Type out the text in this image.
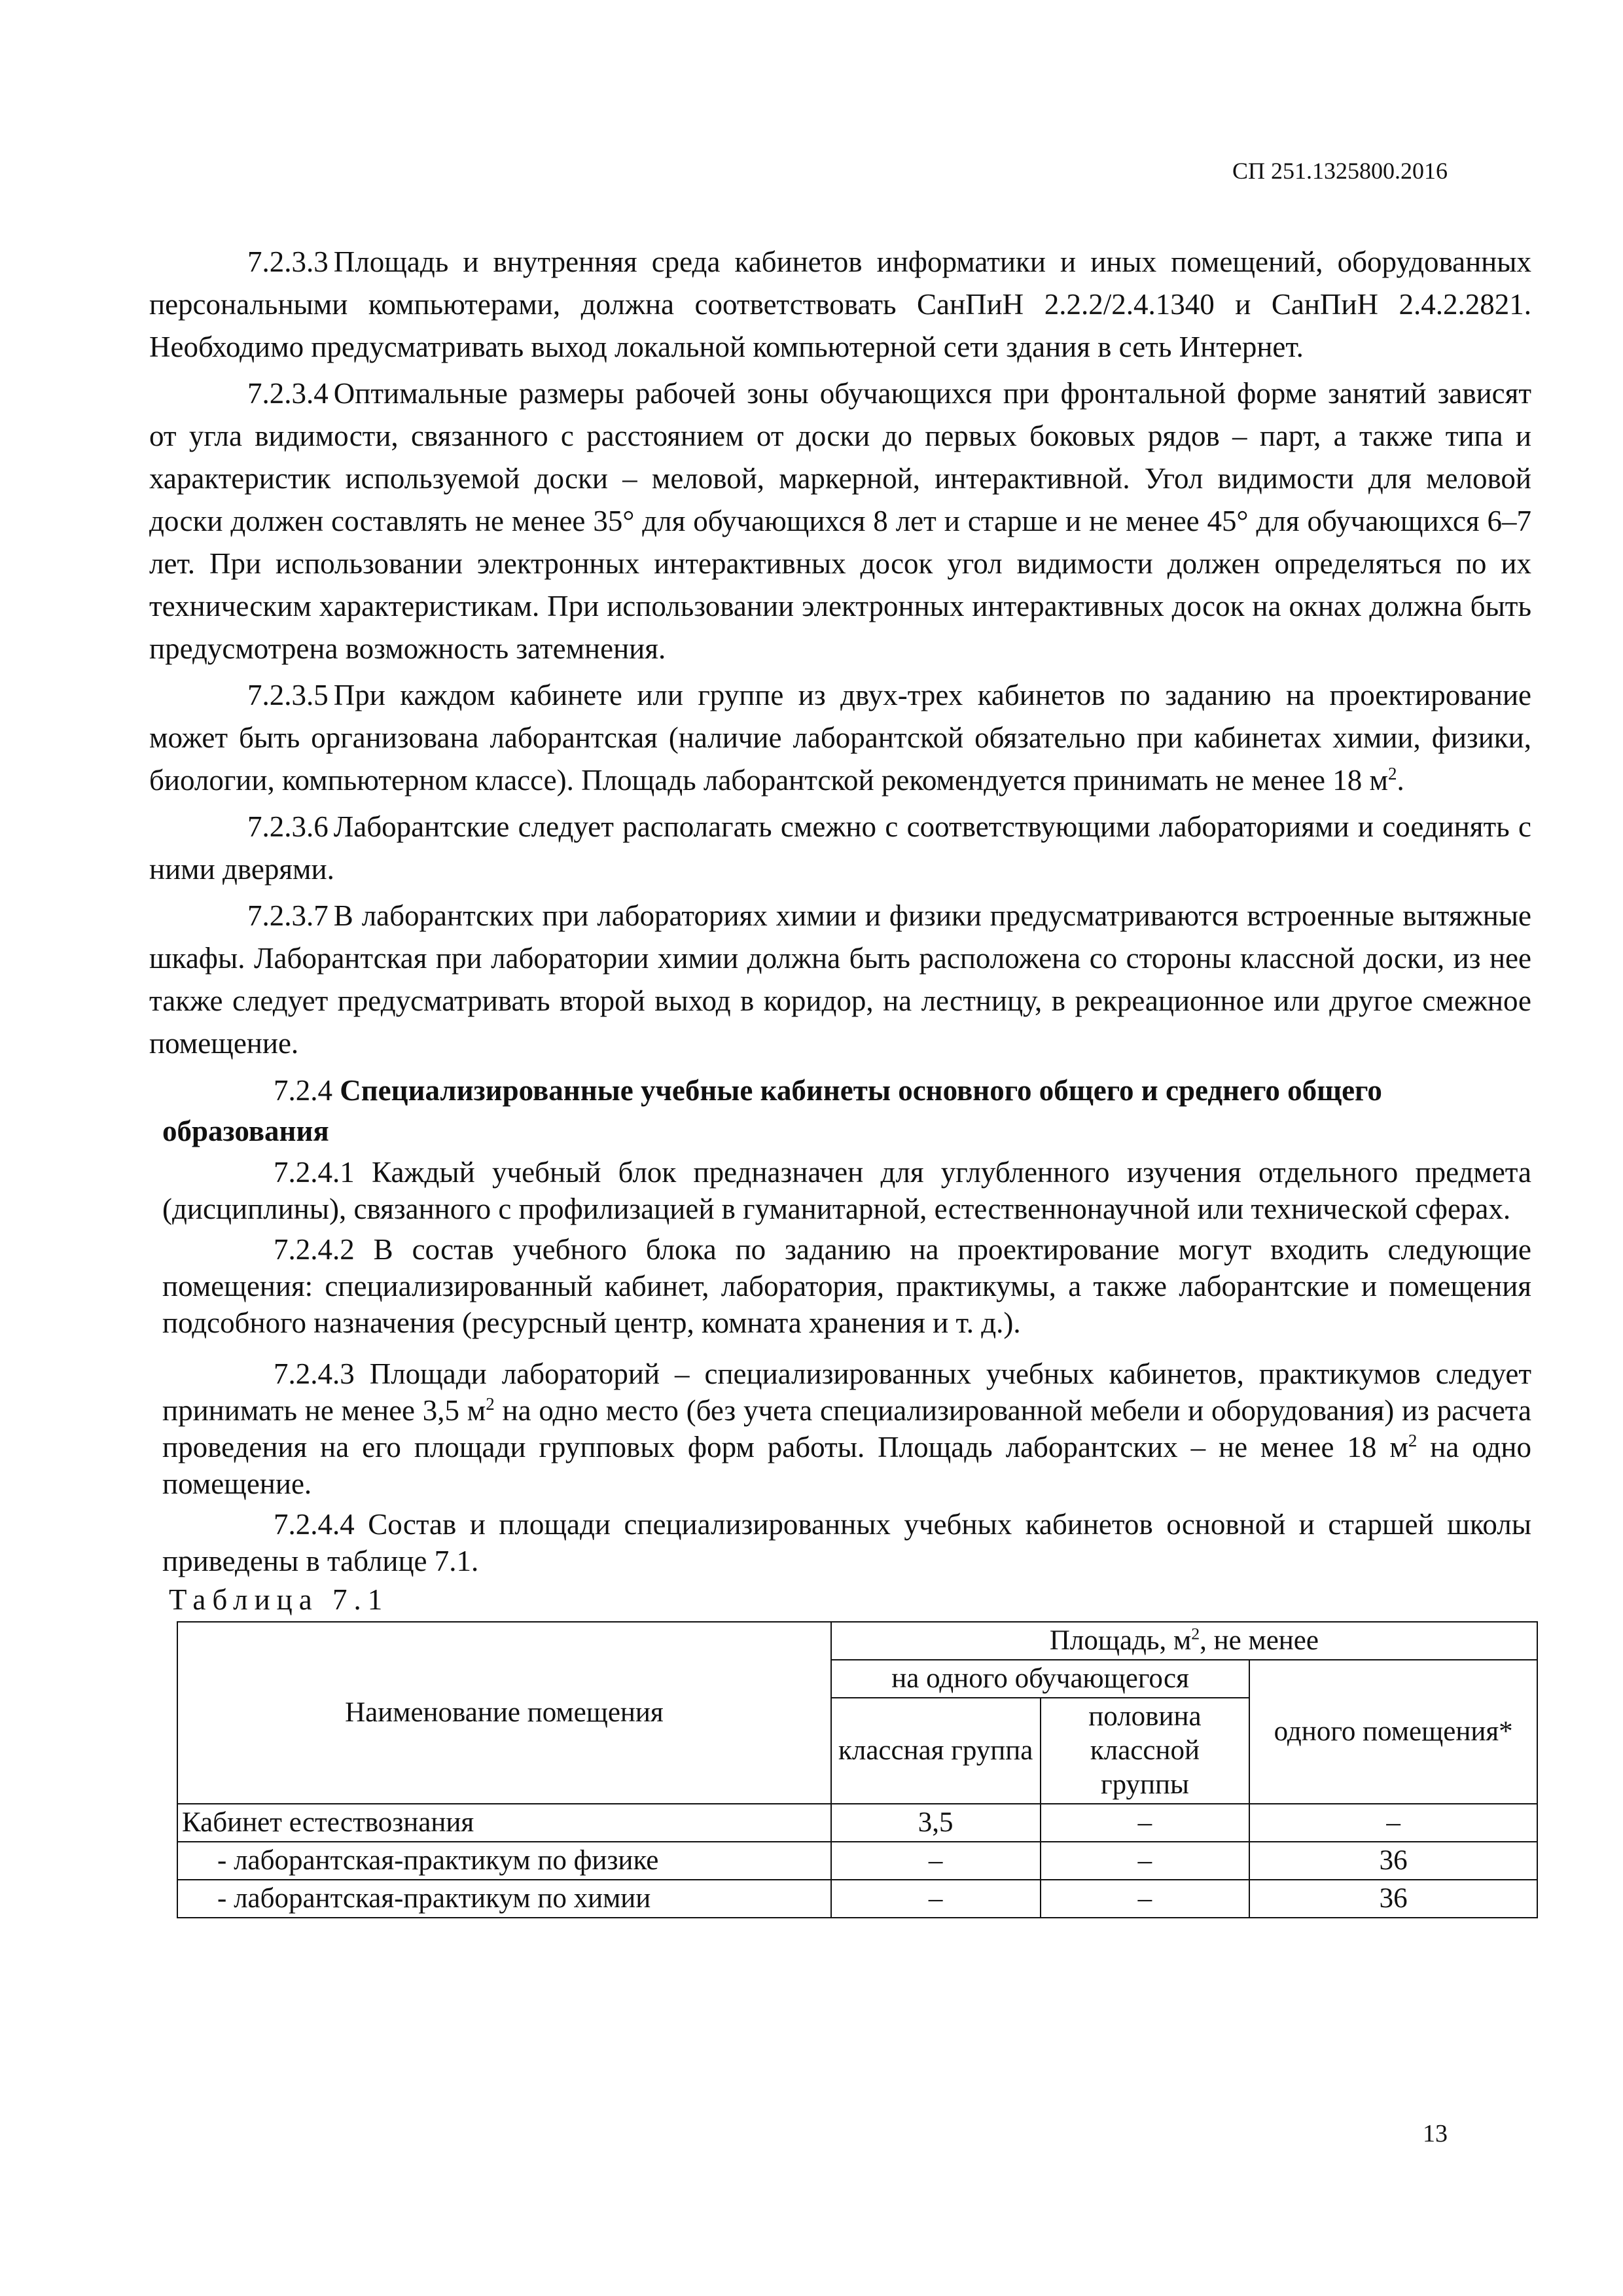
СП 251.1325800.2016

7.2.3.3 Площадь и внутренняя среда кабинетов информатики и иных помещений, оборудованных персональными компьютерами, должна соответствовать СанПиН 2.2.2/2.4.1340 и СанПиН 2.4.2.2821. Необходимо предусматривать выход локальной компьютерной сети здания в сеть Интернет.

7.2.3.4 Оптимальные размеры рабочей зоны обучающихся при фронтальной форме занятий зависят от угла видимости, связанного с расстоянием от доски до первых боковых рядов – парт, а также типа и характеристик используемой доски – меловой, маркерной, интерактивной. Угол видимости для меловой доски должен составлять не менее 35° для обучающихся 8 лет и старше и не менее 45° для обучающихся 6–7 лет. При использовании электронных интерактивных досок угол видимости должен определяться по их техническим характеристикам. При использовании электронных интерактивных досок на окнах должна быть предусмотрена возможность затемнения.

7.2.3.5 При каждом кабинете или группе из двух-трех кабинетов по заданию на проектирование может быть организована лаборантская (наличие лаборантской обязательно при кабинетах химии, физики, биологии, компьютерном классе). Площадь лаборантской рекомендуется принимать не менее 18 $м^2$.

7.2.3.6 Лаборантские следует располагать смежно с соответствующими лабораториями и соединять с ними дверями.

7.2.3.7 В лаборантских при лабораториях химии и физики предусматриваются встроенные вытяжные шкафы. Лаборантская при лаборатории химии должна быть расположена со стороны классной доски, из нее также следует предусматривать второй выход в коридор, на лестницу, в рекреационное или другое смежное помещение.

7.2.4 Специализированные учебные кабинеты основного общего и среднего общего образования

7.2.4.1 Каждый учебный блок предназначен для углубленного изучения отдельного предмета (дисциплины), связанного с профилизацией в гуманитарной, естественнонаучной или технической сферах.

7.2.4.2 В состав учебного блока по заданию на проектирование могут входить следующие помещения: специализированный кабинет, лаборатория, практикумы, а также лаборантские и помещения подсобного назначения (ресурсный центр, комната хранения и т. д.).

7.2.4.3 Площади лабораторий – специализированных учебных кабинетов, практикумов следует принимать не менее 3,5 $м^2$ на одно место (без учета специализированной мебели и оборудования) из расчета проведения на его площади групповых форм работы. Площадь лаборантских – не менее 18 $м^2$ на одно помещение.

7.2.4.4 Состав и площади специализированных учебных кабинетов основной и старшей школы приведены в таблице 7.1.

Таблица 7.1
Наименование помещения	Площадь, $м^2$, не менее		
	на одного обучающегося		одного помещения*
	классная группа	половина классной группы	
Кабинет естествознания	3,5	–	–
- лаборантская-практикум по физике	–	–	36
- лаборантская-практикум по химии	–	–	36
13
